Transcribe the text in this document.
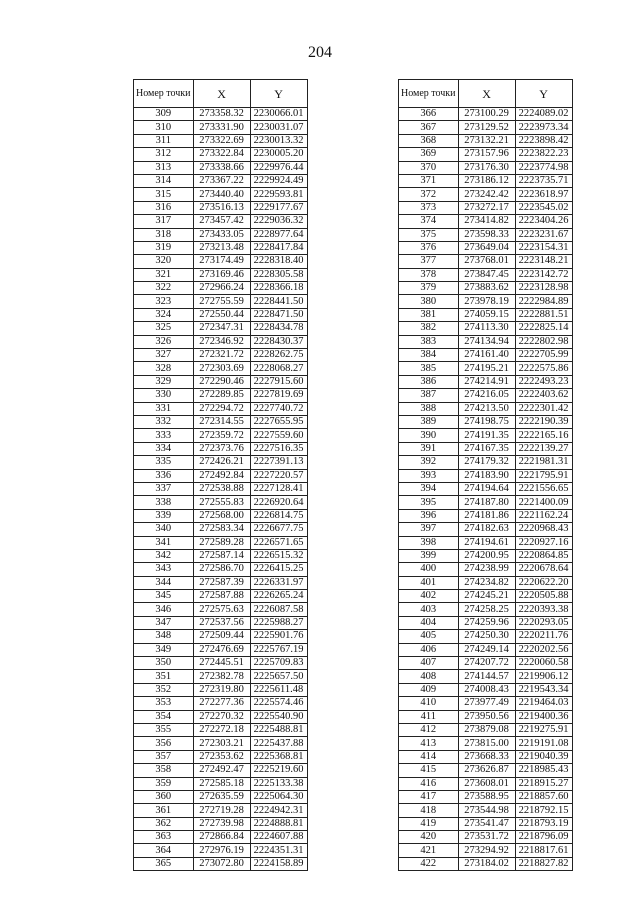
204
Номер точки	X	Y
309	273358.32	2230066.01
310	273331.90	2230031.07
311	273322.69	2230013.32
312	273322.84	2230005.20
313	273338.66	2229976.44
314	273367.22	2229924.49
315	273440.40	2229593.81
316	273516.13	2229177.67
317	273457.42	2229036.32
318	273433.05	2228977.64
319	273213.48	2228417.84
320	273174.49	2228318.40
321	273169.46	2228305.58
322	272966.24	2228366.18
323	272755.59	2228441.50
324	272550.44	2228471.50
325	272347.31	2228434.78
326	272346.92	2228430.37
327	272321.72	2228262.75
328	272303.69	2228068.27
329	272290.46	2227915.60
330	272289.85	2227819.69
331	272294.72	2227740.72
332	272314.55	2227655.95
333	272359.72	2227559.60
334	272373.76	2227516.35
335	272426.21	2227391.13
336	272492.84	2227220.57
337	272538.88	2227128.41
338	272555.83	2226920.64
339	272568.00	2226814.75
340	272583.34	2226677.75
341	272589.28	2226571.65
342	272587.14	2226515.32
343	272586.70	2226415.25
344	272587.39	2226331.97
345	272587.88	2226265.24
346	272575.63	2226087.58
347	272537.56	2225988.27
348	272509.44	2225901.76
349	272476.69	2225767.19
350	272445.51	2225709.83
351	272382.78	2225657.50
352	272319.80	2225611.48
353	272277.36	2225574.46
354	272270.32	2225540.90
355	272272.18	2225488.81
356	272303.21	2225437.88
357	272353.62	2225368.81
358	272492.47	2225219.60
359	272585.18	2225133.38
360	272635.59	2225064.30
361	272719.28	2224942.31
362	272739.98	2224888.81
363	272866.84	2224607.88
364	272976.19	2224351.31
365	273072.80	2224158.89
Номер точки	X	Y
366	273100.29	2224089.02
367	273129.52	2223973.34
368	273132.21	2223898.42
369	273157.96	2223822.23
370	273176.30	2223774.98
371	273186.12	2223735.71
372	273242.42	2223618.97
373	273272.17	2223545.02
374	273414.82	2223404.26
375	273598.33	2223231.67
376	273649.04	2223154.31
377	273768.01	2223148.21
378	273847.45	2223142.72
379	273883.62	2223128.98
380	273978.19	2222984.89
381	274059.15	2222881.51
382	274113.30	2222825.14
383	274134.94	2222802.98
384	274161.40	2222705.99
385	274195.21	2222575.86
386	274214.91	2222493.23
387	274216.05	2222403.62
388	274213.50	2222301.42
389	274198.75	2222190.39
390	274191.35	2222165.16
391	274167.35	2222139.27
392	274179.32	2221981.31
393	274183.90	2221795.91
394	274194.64	2221556.65
395	274187.80	2221400.09
396	274181.86	2221162.24
397	274182.63	2220968.43
398	274194.61	2220927.16
399	274200.95	2220864.85
400	274238.99	2220678.64
401	274234.82	2220622.20
402	274245.21	2220505.88
403	274258.25	2220393.38
404	274259.96	2220293.05
405	274250.30	2220211.76
406	274249.14	2220202.56
407	274207.72	2220060.58
408	274144.57	2219906.12
409	274008.43	2219543.34
410	273977.49	2219464.03
411	273950.56	2219400.36
412	273879.08	2219275.91
413	273815.00	2219191.08
414	273668.33	2219040.39
415	273626.87	2218985.43
416	273608.01	2218915.27
417	273588.95	2218857.60
418	273544.98	2218792.15
419	273541.47	2218793.19
420	273531.72	2218796.09
421	273294.92	2218817.61
422	273184.02	2218827.82
